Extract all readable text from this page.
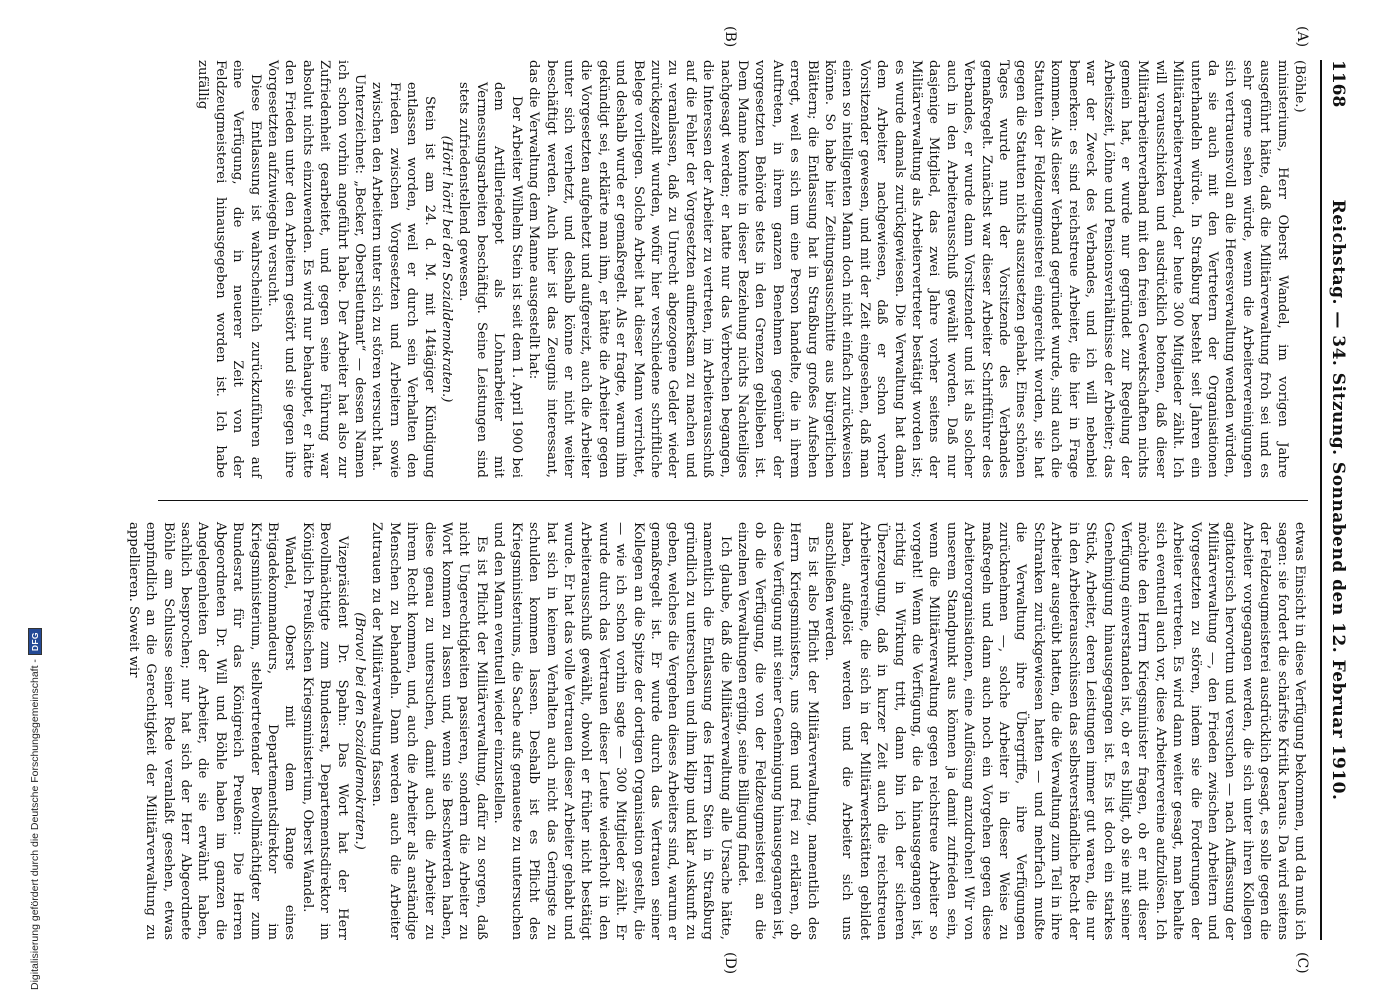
1168
Reichstag. — 34. Sitzung. Sonnabend den 12. Februar 1910.
(A)
(B)
(C)
(D)

(Böhle.)

ministeriums, Herr Oberst Wandel, im vorigen Jahre ausgeführt hätte, daß die Militärverwaltung froh sei und es sehr gerne sehen würde, wenn die Arbeitervereinigungen sich vertrauensvoll an die Heeresverwaltung wenden würden, da sie auch mit den Vertretern der Organisationen unterhandeln würde. In Straßburg besteht seit Jahren ein Militärarbeiterverband, der heute 300 Mitglieder zählt. Ich will vorausschicken und ausdrücklich betonen, daß dieser Militärarbeiterverband mit den freien Gewerkschaften nichts gemein hat, er wurde nur gegründet zur Regelung der Arbeitszeit, Löhne und Pensionsverhältnisse der Arbeiter; das war der Zweck des Verbandes, und ich will nebenbei bemerken: es sind reichstreue Arbeiter, die hier in Frage kommen. Als dieser Verband gegründet wurde, sind auch die Statuten der Feldzeugmeisterei eingereicht worden, sie hat gegen die Statuten nichts auszusetzen gehabt. Eines schönen Tages wurde nun der Vorsitzende des Verbandes gemaßregelt. Zunächst war dieser Arbeiter Schriftführer des Verbandes, er wurde dann Vorsitzender und ist als solcher auch in den Arbeiterausschuß gewählt worden. Daß nur dasjenige Mitglied, das zwei Jahre vorher seitens der Militärverwaltung als Arbeitervertreter bestätigt worden ist; es wurde damals zurückgewiesen. Die Verwaltung hat dann dem Arbeiter nachgewiesen, daß er schon vorher Vorsitzender gewesen, und mit der Zeit eingesehen, daß man einen so intelligenten Mann doch nicht einfach zurückweisen könne. So habe hier Zeitungsausschnitte aus bürgerlichen Blättern; die Entlassung hat in Straßburg großes Aufsehen erregt, weil es sich um eine Person handelte, die in ihrem Auftreten, in ihrem ganzen Benehmen gegenüber der vorgesetzten Behörde stets in den Grenzen geblieben ist. Dem Manne konnte in dieser Beziehung nichts Nachteiliges nachgesagt werden; er hatte nur das Verbrechen begangen, die Interessen der Arbeiter zu vertreten, im Arbeiterausschuß auf die Fehler der Vorgesetzten aufmerksam zu machen und zu veranlassen, daß zu Unrecht abgezogene Gelder wieder zurückgezahlt wurden, wofür hier verschiedene schriftliche Belege vorliegen. Solche Arbeit hat dieser Mann verrichtet, und deshalb wurde er gemaßregelt. Als er fragte, warum ihm gekündigt sei, erklärte man ihm, er hätte die Arbeiter gegen die Vorgesetzten aufgehetzt und aufgereizt, auch die Arbeiter unter sich verhetzt, und deshalb könne er nicht weiter beschäftigt werden. Auch hier ist das Zeugnis interessant, das die Verwaltung dem Manne ausgestellt hat:

Der Arbeiter Wilhelm Stein ist seit dem 1. April 1900 bei dem Artilleriedepot als Lohnarbeiter mit Vermessungsarbeiten beschäftigt. Seine Leistungen sind stets zufriedenstellend gewesen.

(Hört! hört! bei den Sozialdemokraten.)

Stein ist am 24. d. M. mit 14tägiger Kündigung entlassen worden, weil er durch sein Verhalten den Frieden zwischen Vorgesetzten und Arbeitern sowie zwischen den Arbeitern unter sich zu stören versucht hat.

Unterzeichnet: „Becker, Oberstleutnant“ — dessen Namen ich schon vorhin angeführt habe. Der Arbeiter hat also zur Zufriedenheit gearbeitet, und gegen seine Führung war absolut nichts einzuwenden. Es wird nur behauptet, er hätte den Frieden unter den Arbeitern gestört und sie gegen ihre Vorgesetzten aufzuwiegeln versucht.

Diese Entlassung ist wahrscheinlich zurückzuführen auf eine Verfügung, die in neuerer Zeit von der Feldzeugmeisterei hinausgegeben worden ist. Ich habe zufällig

etwas Einsicht in diese Verfügung bekommen, und da muß ich sagen: sie fordert die schärfste Kritik heraus. Da wird seitens der Feldzeugmeisterei ausdrücklich gesagt, es solle gegen die Arbeiter vorgegangen werden, die sich unter ihren Kollegen agitatorisch hervortun und versuchen — nach Auffassung der Militärverwaltung —, den Frieden zwischen Arbeitern und Vorgesetzten zu stören, indem sie die Forderungen der Arbeiter vertreten. Es wird dann weiter gesagt, man behalte sich eventuell auch vor, diese Arbeitervereine aufzulösen. Ich möchte den Herrn Kriegsminister fragen, ob er mit dieser Verfügung einverstanden ist, ob er es billigt, ob sie mit seiner Genehmigung hinausgegangen ist. Es ist doch ein starkes Stück, Arbeiter, deren Leistungen immer gut waren, die nur in den Arbeiterausschüssen das selbstverständliche Recht der Arbeiter ausgeübt hatten, die die Verwaltung zum Teil in ihre Schranken zurückgewiesen hatten — und mehrfach mußte die Verwaltung ihre Übergriffe, ihre Verfügungen zurücknehmen —, solche Arbeiter in dieser Weise zu maßregeln und dann auch noch ein Vorgehen gegen diese Arbeiterorganisationen, eine Auflösung anzudrohen! Wir von unserem Standpunkt aus können ja damit zufrieden sein, wenn die Militärverwaltung gegen reichstreue Arbeiter so vorgeht! Wenn die Verfügung, die da hinausgegangen ist, richtig in Wirkung tritt, dann bin ich der sicheren Überzeugung, daß in kurzer Zeit auch die reichstreuen Arbeitervereine, die sich in der Militärwerkstätten gebildet haben, aufgelöst werden und die Arbeiter sich uns anschließen werden.

Es ist also Pflicht der Militärverwaltung, namentlich des Herrn Kriegsministers, uns offen und frei zu erklären, ob diese Verfügung mit seiner Genehmigung hinausgegangen ist, ob die Verfügung, die von der Feldzeugmeisterei an die einzelnen Verwaltungen erging, seine Billigung findet.

Ich glaube, daß die Militärverwaltung alle Ursache hätte, namentlich die Entlassung des Herrn Stein in Straßburg gründlich zu untersuchen und ihm klipp und klar Auskunft zu geben, welches die Vergehen dieses Arbeiters sind, warum er gemaßregelt ist. Er wurde durch das Vertrauen seiner Kollegen an die Spitze der dortigen Organisation gestellt, die — wie ich schon vorhin sagte — 300 Mitglieder zählt. Er wurde durch das Vertrauen dieser Leute wiederholt in den Arbeiterausschuß gewählt, obwohl er früher nicht bestätigt wurde. Er hat das volle Vertrauen dieser Arbeiter gehabt und hat sich in keinem Verhalten auch nicht das Geringste zu schulden kommen lassen. Deshalb ist es Pflicht des Kriegsministeriums, die Sache aufs genaueste zu untersuchen und den Mann eventuell wieder einzustellen.

Es ist Pflicht der Militärverwaltung, dafür zu sorgen, daß nicht Ungerechtigkeiten passieren, sondern die Arbeiter zu Wort kommen zu lassen und, wenn sie Beschwerden haben, diese genau zu untersuchen, damit auch die Arbeiter zu ihrem Recht kommen, und, auch die Arbeiter als anständige Menschen zu behandeln. Dann werden auch die Arbeiter Zutrauen zu der Militärverwaltung fassen.

(Bravo! bei den Sozialdemokraten.)

Vizepräsident Dr. Spahn: Das Wort hat der Herr Bevollmächtigte zum Bundesrat, Departementsdirektor im Königlich Preußischen Kriegsministerium, Oberst Wandel.

Wandel, Oberst mit dem Range eines Brigadekommandeurs, Departementsdirektor im Kriegsministerium, stellvertretender Bevollmächtigter zum Bundesrat für das Königreich Preußen: Die Herren Abgeordneten Dr. Will und Böhle haben im ganzen die Angelegenheiten der Arbeiter, die sie erwähnt haben, sachlich besprochen; nur hat sich der Herr Abgeordnete Böhle am Schlusse seiner Rede veranlaßt gesehen, etwas empfindlich an die Gerechtigkeit der Militärverwaltung zu appellieren. Soweit wir

Digitalisierung gefördert durch die Deutsche Forschungsgemeinschaft -
DFG
